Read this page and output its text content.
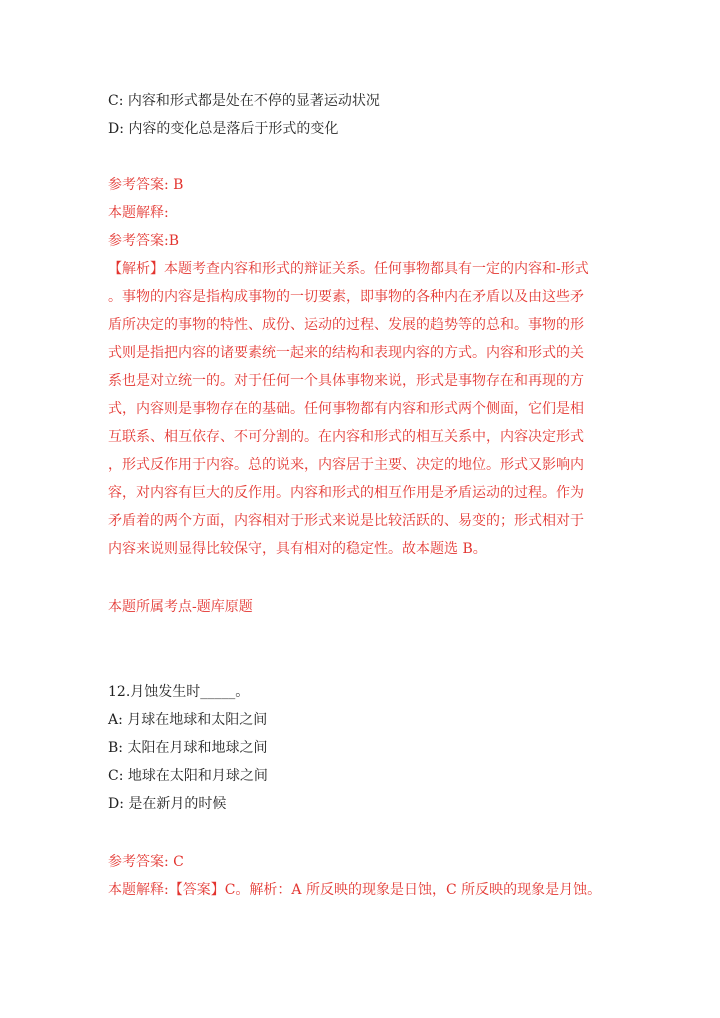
C: 内容和形式都是处在不停的显著运动状况

D: 内容的变化总是落后于形式的变化

参考答案: B

本题解释:

参考答案:B

【解析】本题考查内容和形式的辩证关系。任何事物都具有一定的内容和-形式

。事物的内容是指构成事物的一切要素，即事物的各种内在矛盾以及由这些矛

盾所决定的事物的特性、成份、运动的过程、发展的趋势等的总和。事物的形

式则是指把内容的诸要素统一起来的结构和表现内容的方式。内容和形式的关

系也是对立统一的。对于任何一个具体事物来说，形式是事物存在和再现的方

式，内容则是事物存在的基础。任何事物都有内容和形式两个侧面，它们是相

互联系、相互依存、不可分割的。在内容和形式的相互关系中，内容决定形式

，形式反作用于内容。总的说来，内容居于主要、决定的地位。形式又影响内

容，对内容有巨大的反作用。内容和形式的相互作用是矛盾运动的过程。作为

矛盾着的两个方面，内容相对于形式来说是比较活跃的、易变的；形式相对于

内容来说则显得比较保守，具有相对的稳定性。故本题选 B。

本题所属考点-题库原题

12.月蚀发生时_____。

A: 月球在地球和太阳之间

B: 太阳在月球和地球之间

C: 地球在太阳和月球之间

D: 是在新月的时候

参考答案: C

本题解释:【答案】C。解析：A 所反映的现象是日蚀，C 所反映的现象是月蚀。
